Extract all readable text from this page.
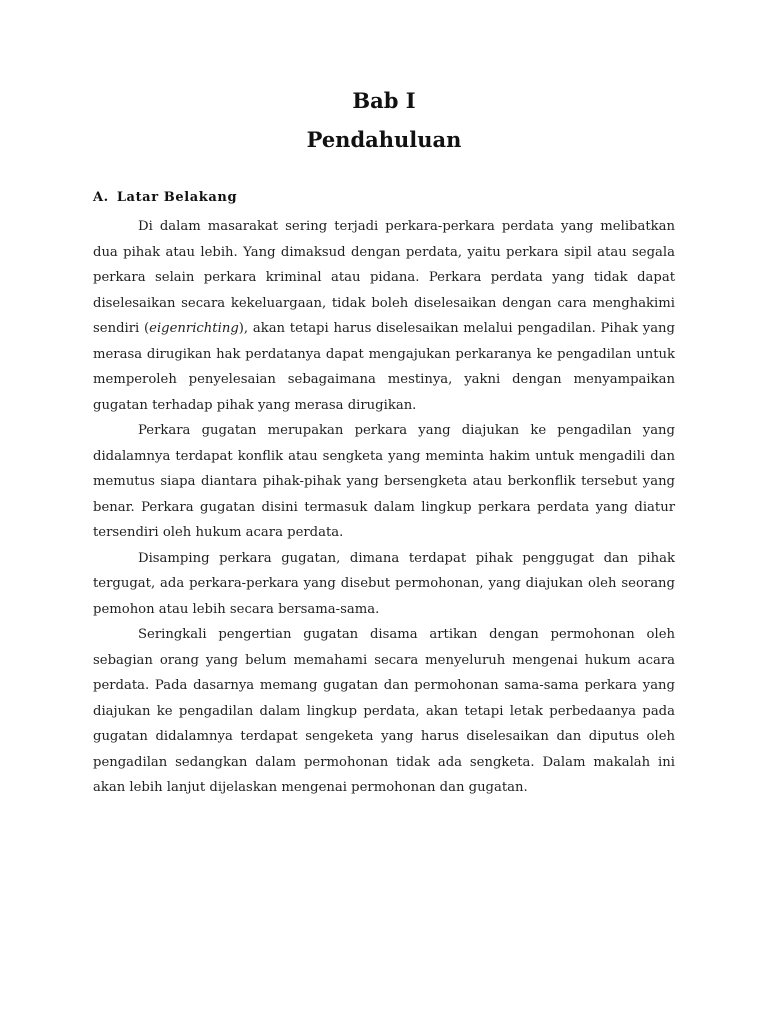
Bab I
Pendahuluan
A. Latar Belakang

Di dalam masarakat sering terjadi perkara-perkara perdata yang melibatkan dua pihak atau lebih. Yang dimaksud dengan perdata, yaitu perkara sipil atau segala perkara selain perkara kriminal atau pidana. Perkara perdata yang tidak dapat diselesaikan secara kekeluargaan, tidak boleh diselesaikan dengan cara menghakimi sendiri (eigenrichting), akan tetapi harus diselesaikan melalui pengadilan. Pihak yang merasa dirugikan hak perdatanya dapat mengajukan perkaranya ke pengadilan untuk memperoleh penyelesaian sebagaimana mestinya, yakni dengan menyampaikan gugatan terhadap pihak yang merasa dirugikan.

Perkara gugatan merupakan perkara yang diajukan ke pengadilan yang didalamnya terdapat konflik atau sengketa yang meminta hakim untuk mengadili dan memutus siapa diantara pihak-pihak yang bersengketa atau berkonflik tersebut yang benar. Perkara gugatan disini termasuk dalam lingkup perkara perdata yang diatur tersendiri oleh hukum acara perdata.

Disamping perkara gugatan, dimana terdapat pihak penggugat dan pihak tergugat, ada perkara-perkara yang disebut permohonan, yang diajukan oleh seorang pemohon atau lebih secara bersama-sama.

Seringkali pengertian gugatan disama artikan dengan permohonan oleh sebagian orang yang belum memahami secara menyeluruh mengenai hukum acara perdata. Pada dasarnya memang gugatan dan permohonan sama-sama perkara yang diajukan ke pengadilan dalam lingkup perdata, akan tetapi letak perbedaanya pada gugatan didalamnya terdapat sengeketa yang harus diselesaikan dan diputus oleh pengadilan sedangkan dalam permohonan tidak ada sengketa. Dalam makalah ini akan lebih lanjut dijelaskan mengenai permohonan dan gugatan.
